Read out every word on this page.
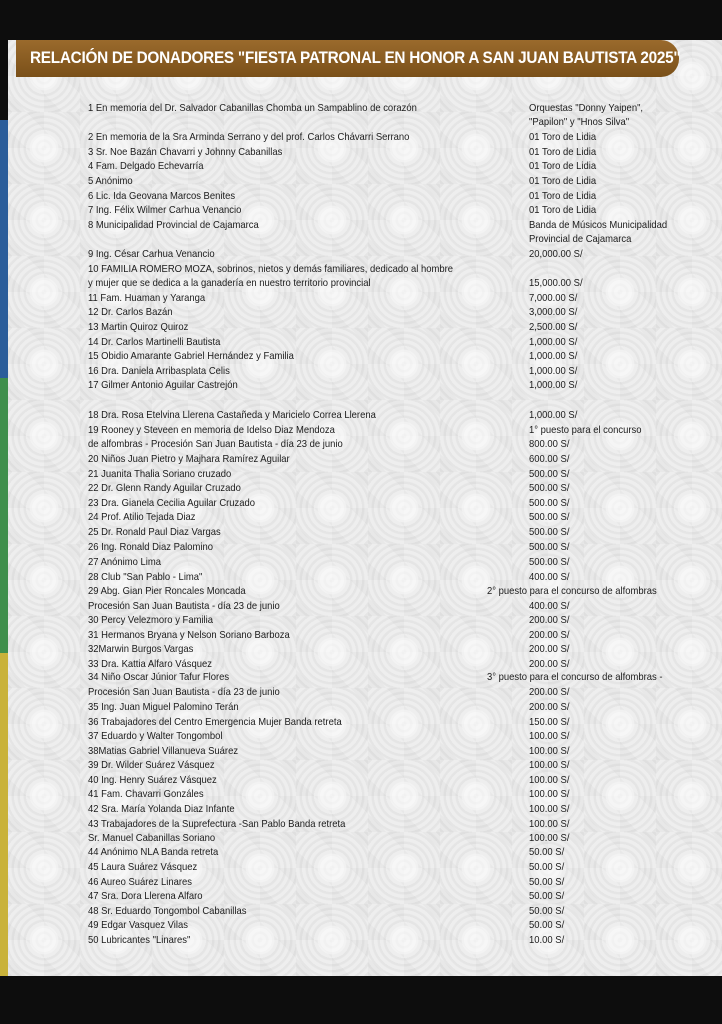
RELACIÓN DE DONADORES "FIESTA PATRONAL EN HONOR A SAN JUAN BAUTISTA 2025"
1 En memoria del Dr. Salvador Cabanillas Chomba un Sampablino de corazón	Orquestas "Donny Yaipen",
"Papilon" y "Hnos Silva"
2 En memoria de la Sra Arminda Serrano y del prof. Carlos Chávarri Serrano	01 Toro de Lidia
3 Sr. Noe Bazán Chavarri y Johnny Cabanillas	01 Toro de Lidia
4 Fam. Delgado Echevarría	01 Toro de Lidia
5 Anónimo	01 Toro de Lidia
6 Lic. Ida Geovana Marcos Benites	01 Toro de Lidia
7 Ing. Félix Wilmer Carhua Venancio	01 Toro de Lidia
8 Municipalidad Provincial de Cajamarca	Banda de Músicos Municipalidad
Provincial de Cajamarca
9 Ing. César Carhua Venancio	20,000.00 S/
10 FAMILIA ROMERO MOZA, sobrinos, nietos y demás familiares, dedicado al hombre
y mujer que se dedica a la ganadería en nuestro territorio provincial	15,000.00 S/
11 Fam. Huaman y Yaranga	7,000.00 S/
12 Dr. Carlos Bazán	3,000.00 S/
13 Martin Quiroz Quiroz	2,500.00 S/
14 Dr. Carlos Martinelli Bautista	1,000.00 S/
15 Obidio Amarante Gabriel Hernández y Familia	1,000.00 S/
16 Dra. Daniela Arribasplata Celis	1,000.00 S/
17 Gilmer Antonio Aguilar Castrejón	1,000.00 S/
18 Dra. Rosa Etelvina Llerena Castañeda y Maricielo Correa Llerena	1,000.00 S/
19 Rooney y Steveen en memoria de Idelso Diaz Mendoza	1° puesto para el concurso
de alfombras - Procesión San Juan Bautista - día 23 de junio	800.00 S/
20 Niños Juan Pietro y Majhara Ramírez Aguilar	600.00 S/
21 Juanita Thalia Soriano cruzado	500.00 S/
22 Dr. Glenn Randy Aguilar Cruzado	500.00 S/
23 Dra. Gianela Cecilia Aguilar Cruzado	500.00 S/
24 Prof. Atilio Tejada Diaz	500.00 S/
25 Dr. Ronald Paul Diaz Vargas	500.00 S/
26 Ing. Ronald Diaz Palomino	500.00 S/
27 Anónimo Lima	500.00 S/
28 Club "San Pablo - Lima"	400.00 S/
29 Abg. Gian Pier Roncales Moncada	2° puesto para el concurso de alfombras
Procesión San Juan Bautista - día 23 de junio	400.00 S/
30 Percy Velezmoro y Familia	200.00 S/
31 Hermanos Bryana y Nelson Soriano Barboza	200.00 S/
32Marwin Burgos Vargas	200.00 S/
33 Dra. Kattia Alfaro Vásquez	200.00 S/
34 Niño Oscar Júnior Tafur Flores	3° puesto para el concurso de alfombras -
Procesión San Juan Bautista - día 23 de junio	200.00 S/
35 Ing. Juan Miguel Palomino Terán	200.00 S/
36 Trabajadores del Centro Emergencia Mujer Banda retreta	150.00 S/
37 Eduardo y Walter Tongombol	100.00 S/
38Matias Gabriel Villanueva Suárez	100.00 S/
39 Dr. Wilder Suárez Vásquez	100.00 S/
40 Ing. Henry Suárez Vásquez	100.00 S/
41 Fam. Chavarri Gonzáles	100.00 S/
42 Sra. María Yolanda Diaz Infante	100.00 S/
43 Trabajadores de la Suprefectura -San Pablo Banda retreta	100.00 S/
Sr. Manuel Cabanillas Soriano	100.00 S/
44 Anónimo NLA Banda retreta	50.00 S/
45 Laura Suárez Vásquez	50.00 S/
46 Aureo Suárez Linares	50.00 S/
47 Sra. Dora Llerena Alfaro	50.00 S/
48 Sr. Eduardo Tongombol Cabanillas	50.00 S/
49 Edgar Vasquez Vilas	50.00 S/
50 Lubricantes "Linares"	10.00 S/
